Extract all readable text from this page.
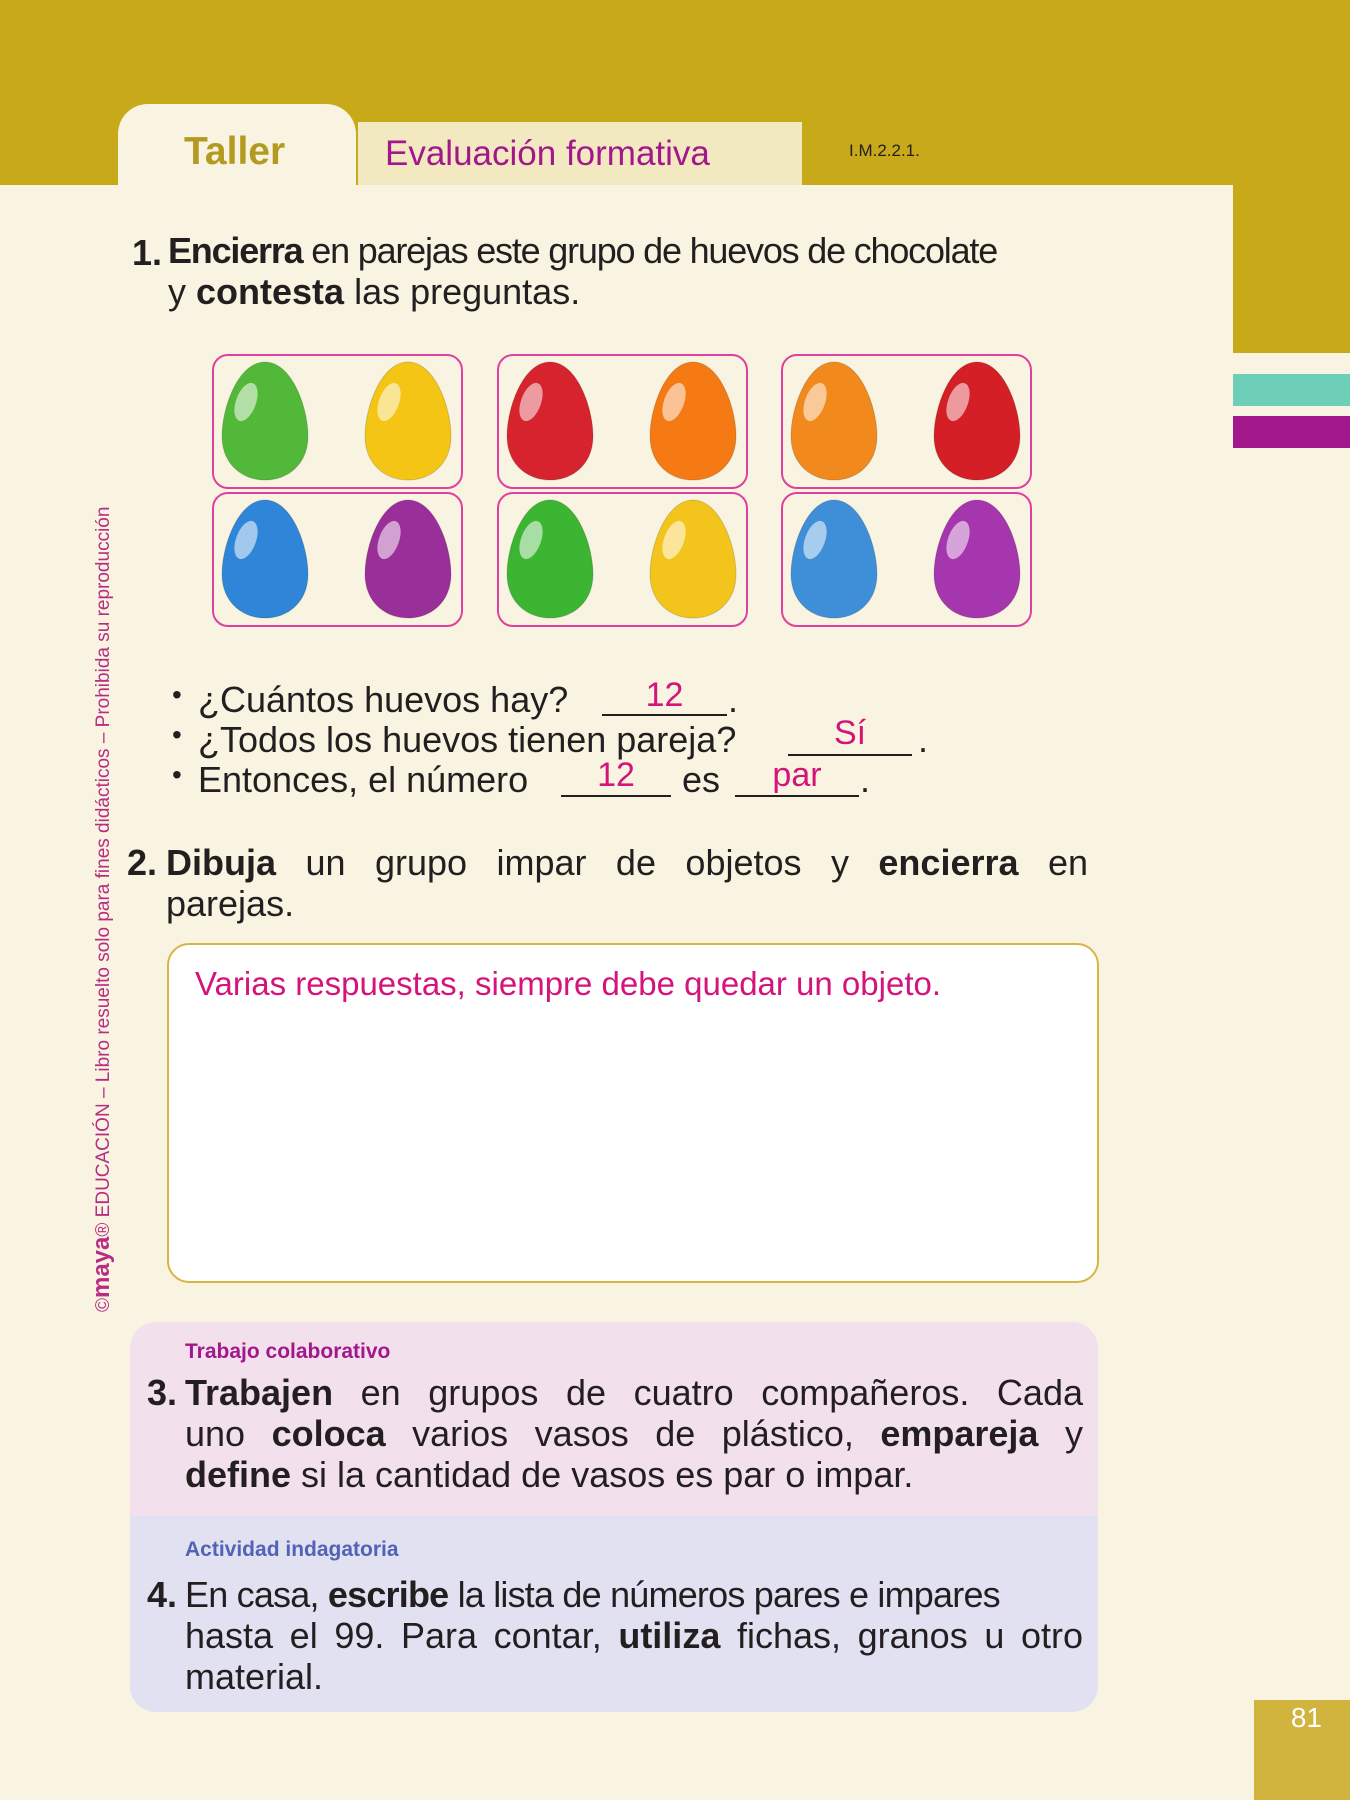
Taller	Evaluación formativa	I.M.2.2.1.
©maya® EDUCACIÓN – Libro resuelto solo para fines didácticos – Prohibida su reproducción
1. Encierra en parejas este grupo de huevos de chocolate
y contesta las preguntas.
• ¿Cuántos huevos hay?	12	.
• ¿Todos los huevos tienen pareja?	Sí	.
• Entonces, el número	12	es	par	.
2. Dibuja un grupo impar de objetos y encierra en
parejas.
Varias respuestas, siempre debe quedar un objeto.
Trabajo colaborativo
3. Trabajen en grupos de cuatro compañeros. Cada
uno coloca varios vasos de plástico, empareja y
define si la cantidad de vasos es par o impar.
Actividad indagatoria
4. En casa, escribe la lista de números pares e impares
hasta el 99. Para contar, utiliza fichas, granos u otro
material.
81
